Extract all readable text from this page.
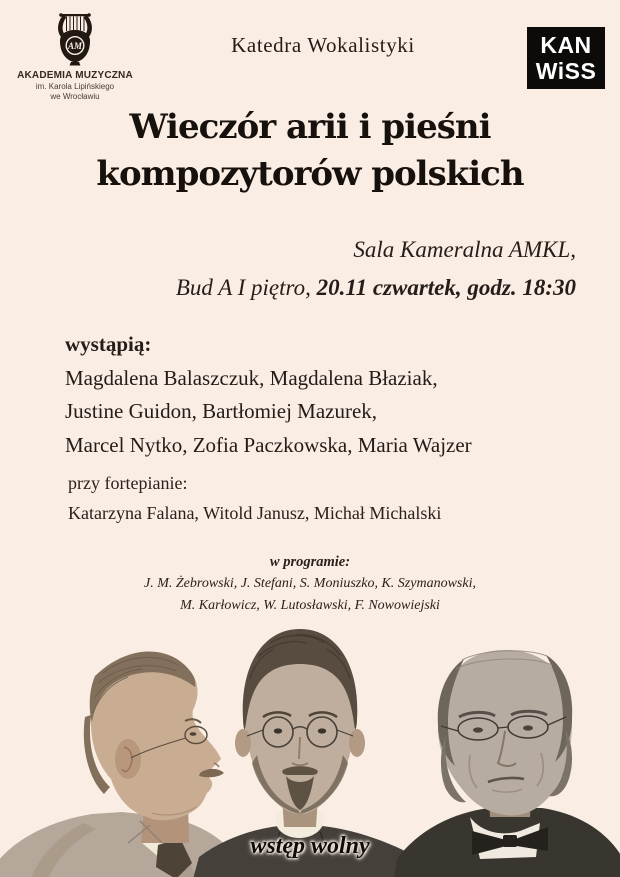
AM
AKADEMIA MUZYCZNA
im. Karola Lipińskiego
we Wrocławiu
Katedra Wokalistyki	KAN
WiSS
Wieczór arii i pieśni
kompozytorów polskich
Sala Kameralna AMKL,
Bud A I piętro, 20.11 czwartek, godz. 18:30
wystąpią:
Magdalena Balaszczuk, Magdalena Błaziak,
Justine Guidon, Bartłomiej Mazurek,
Marcel Nytko, Zofia Paczkowska, Maria Wajzer
przy fortepianie:
Katarzyna Falana, Witold Janusz, Michał Michalski
w programie:
J. M. Żebrowski, J. Stefani, S. Moniuszko, K. Szymanowski,
M. Karłowicz, W. Lutosławski, F. Nowowiejski
wstęp wolny
